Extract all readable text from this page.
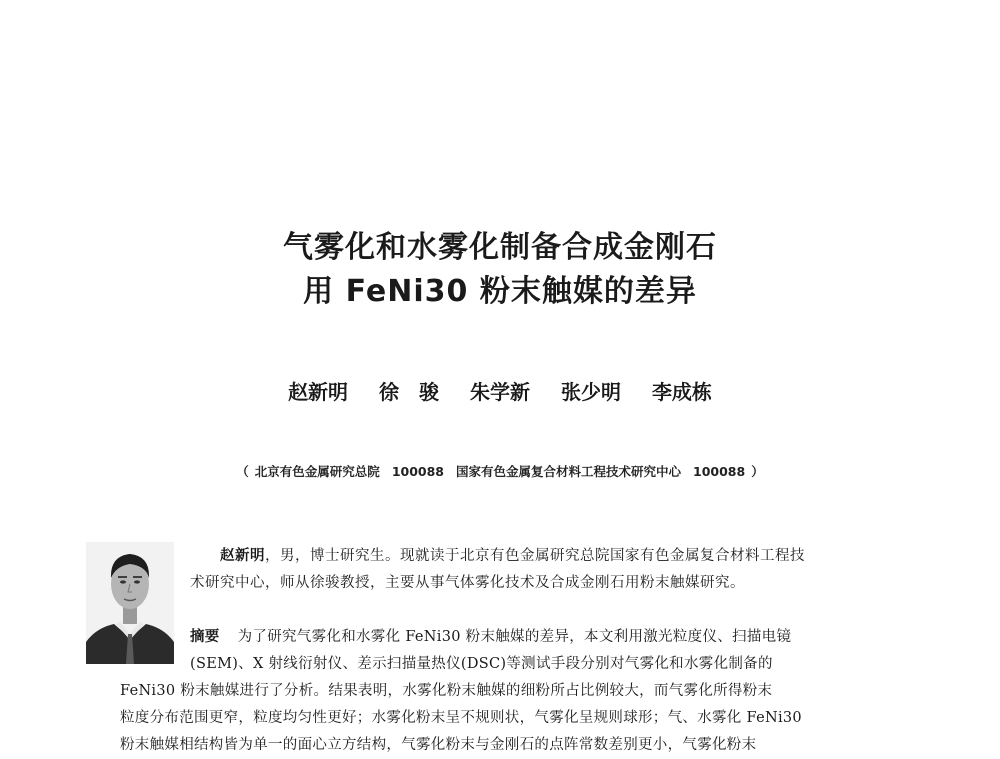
气雾化和水雾化制备合成金刚石
用 FeNi30 粉末触媒的差异
赵新明 徐　骏 朱学新 张少明 李成栋
（ 北京有色金属研究总院 100088 国家有色金属复合材料工程技术研究中心 100088 ）
赵新明，男，博士研究生。现就读于北京有色金属研究总院国家有色金属复合材料工程技
术研究中心，师从徐骏教授，主要从事气体雾化技术及合成金刚石用粉末触媒研究。
摘要 为了研究气雾化和水雾化 FeNi30 粉末触媒的差异，本文利用激光粒度仪、扫描电镜
(SEM)、X 射线衍射仪、差示扫描量热仪(DSC)等测试手段分别对气雾化和水雾化制备的
FeNi30 粉末触媒进行了分析。结果表明，水雾化粉末触媒的细粉所占比例较大，而气雾化所得粉末
粒度分布范围更窄，粒度均匀性更好；水雾化粉末呈不规则状，气雾化呈规则球形；气、水雾化 FeNi30
粉末触媒相结构皆为单一的面心立方结构，气雾化粉末与金刚石的点阵常数差别更小，气雾化粉末
